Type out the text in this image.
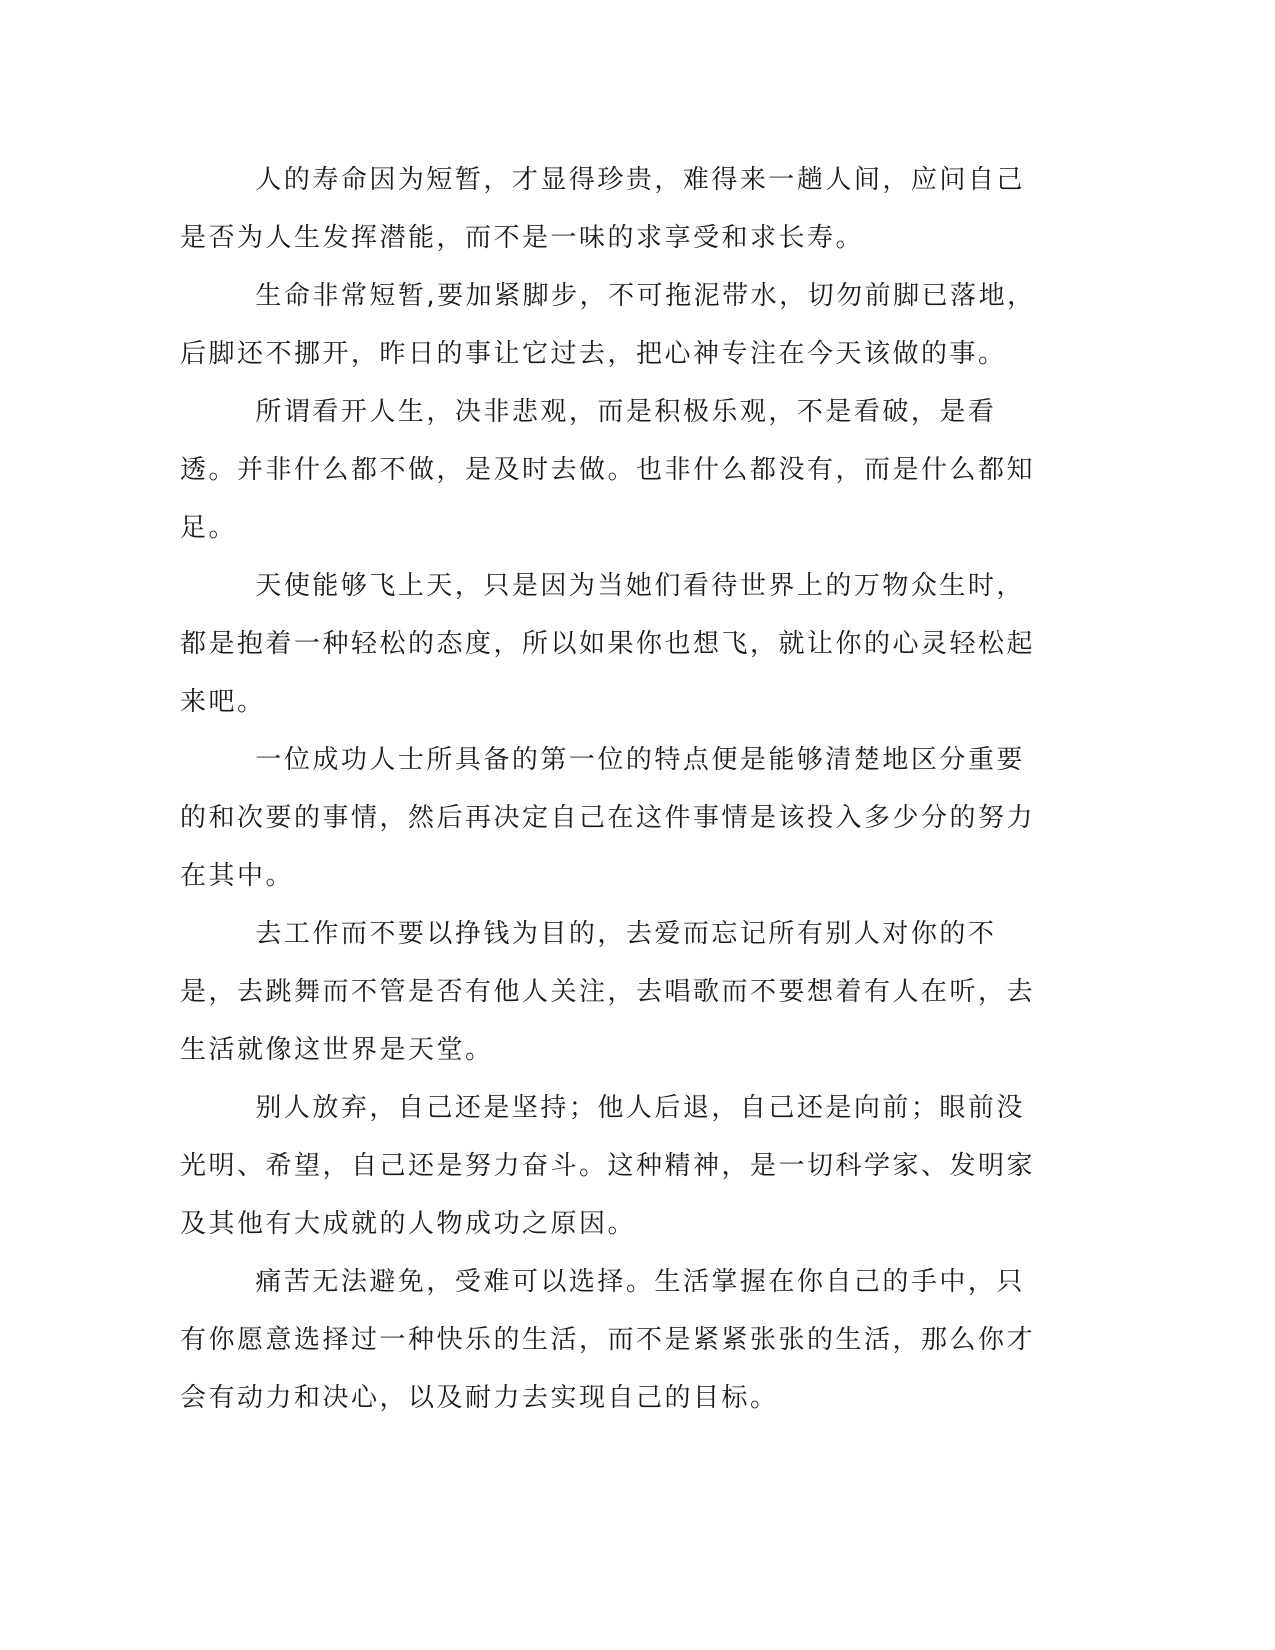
人的寿命因为短暂，才显得珍贵，难得来一趟人间，应问自己是否为人生发挥潜能，而不是一味的求享受和求长寿。

生命非常短暂,要加紧脚步，不可拖泥带水，切勿前脚已落地，后脚还不挪开，昨日的事让它过去，把心神专注在今天该做的事。

所谓看开人生，决非悲观，而是积极乐观，不是看破，是看透。并非什么都不做，是及时去做。也非什么都没有，而是什么都知足。

天使能够飞上天，只是因为当她们看待世界上的万物众生时，都是抱着一种轻松的态度，所以如果你也想飞，就让你的心灵轻松起来吧。

一位成功人士所具备的第一位的特点便是能够清楚地区分重要的和次要的事情，然后再决定自己在这件事情是该投入多少分的努力在其中。

去工作而不要以挣钱为目的，去爱而忘记所有别人对你的不是，去跳舞而不管是否有他人关注，去唱歌而不要想着有人在听，去生活就像这世界是天堂。

别人放弃，自己还是坚持；他人后退，自己还是向前；眼前没光明、希望，自己还是努力奋斗。这种精神，是一切科学家、发明家及其他有大成就的人物成功之原因。

痛苦无法避免，受难可以选择。生活掌握在你自己的手中，只有你愿意选择过一种快乐的生活，而不是紧紧张张的生活，那么你才会有动力和决心，以及耐力去实现自己的目标。
